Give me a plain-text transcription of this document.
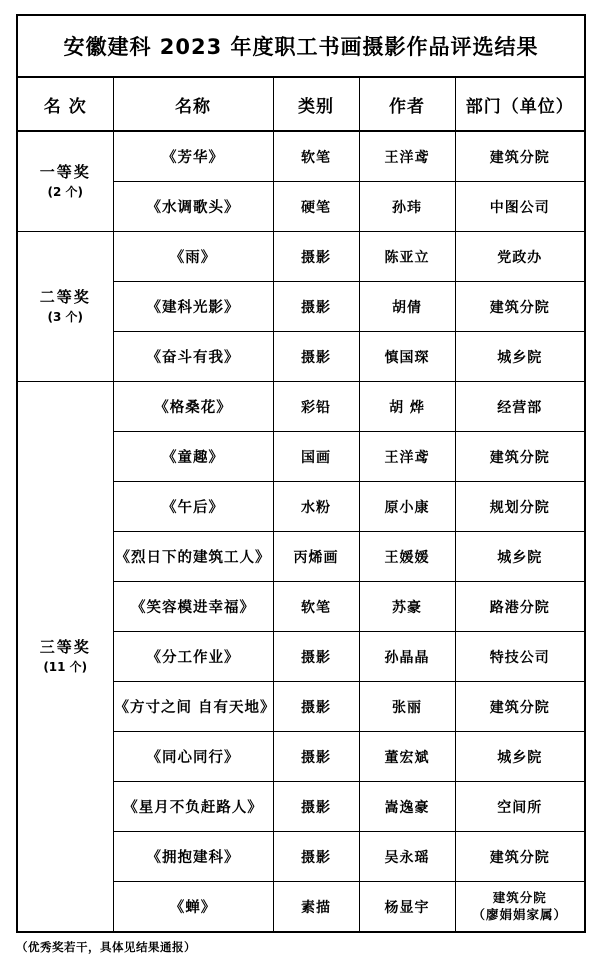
安徽建科 2023 年度职工书画摄影作品评选结果				
名 次	名称	类别	作者	部门（单位）

一等奖
(2 个)	《芳华》	软笔	王洋鸢	建筑分院
	《水调歌头》	硬笔	孙玮	中图公司

二等奖
(3 个)	《雨》	摄影	陈亚立	党政办
	《建科光影》	摄影	胡倩	建筑分院
	《奋斗有我》	摄影	慎国琛	城乡院

三等奖
(11 个)	《格桑花》	彩铅	胡 烨	经营部
	《童趣》	国画	王洋鸢	建筑分院
	《午后》	水粉	原小康	规划分院
	《烈日下的建筑工人》	丙烯画	王媛媛	城乡院
	《笑容模进幸福》	软笔	苏豪	路港分院
	《分工作业》	摄影	孙晶晶	特技公司
	《方寸之间 自有天地》	摄影	张丽	建筑分院
	《同心同行》	摄影	董宏斌	城乡院
	《星月不负赶路人》	摄影	嵩逸豪	空间所
	《拥抱建科》	摄影	吴永瑶	建筑分院
	《蝉》	素描	杨显宇	建筑分院
（廖娟娟家属）
（优秀奖若干，具体见结果通报）
